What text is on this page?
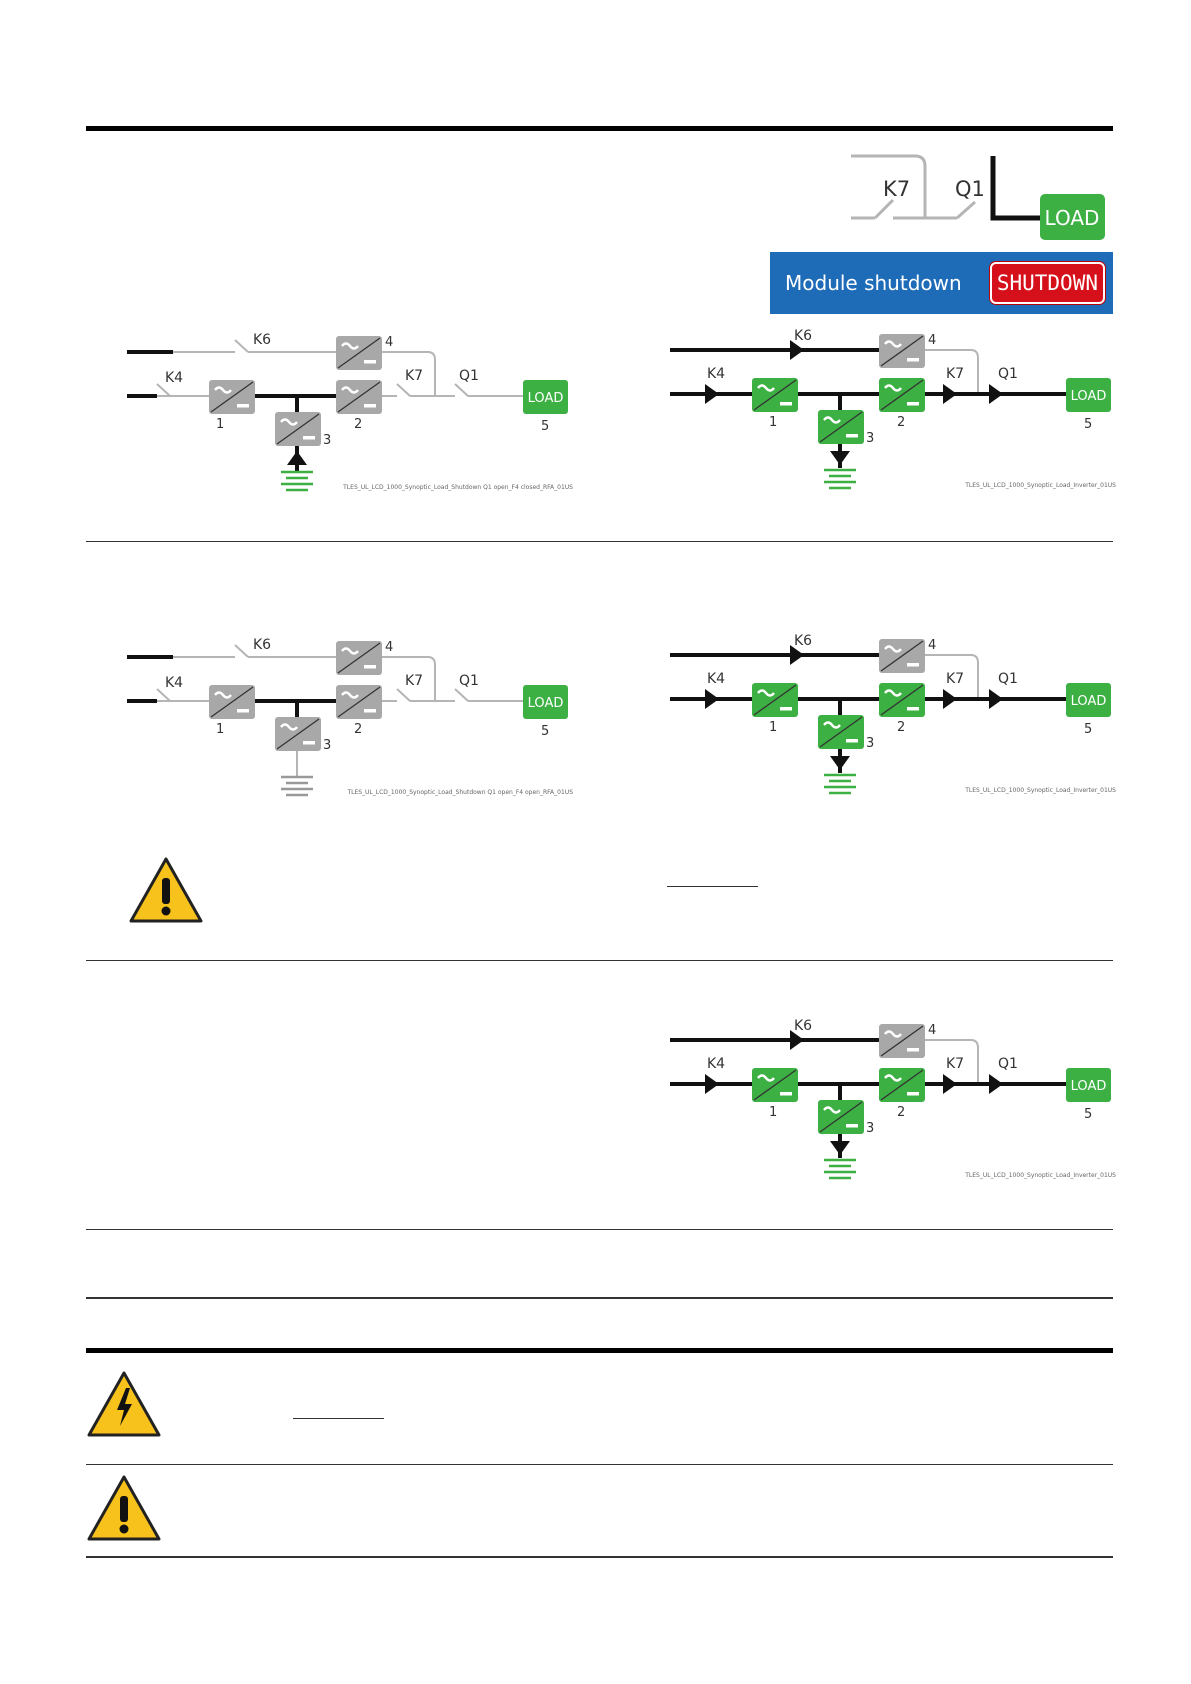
K7 Q1
LOAD
Module shutdown	SHUTDOWN
K6	4
K4
1	2
3
K7	Q1
LOAD
5
TLES_UL_LCD_1000_Synoptic_Load_Shutdown Q1 open_F4 closed_RFA_01US
K6	4
K4
1	2
3
K7 Q1
LOAD
5
TLES_UL_LCD_1000_Synoptic_Load_Inverter_01US
K6	4
K4
1	2
3
K7	Q1
LOAD
5
TLES_UL_LCD_1000_Synoptic_Load_Shutdown Q1 open_F4 open_RFA_01US
K6	4
K4
1	2
3
K7 Q1
LOAD
5
TLES_UL_LCD_1000_Synoptic_Load_Inverter_01US
K6	4
K4
1	2
3
K7 Q1
LOAD
5
TLES_UL_LCD_1000_Synoptic_Load_Inverter_01US
